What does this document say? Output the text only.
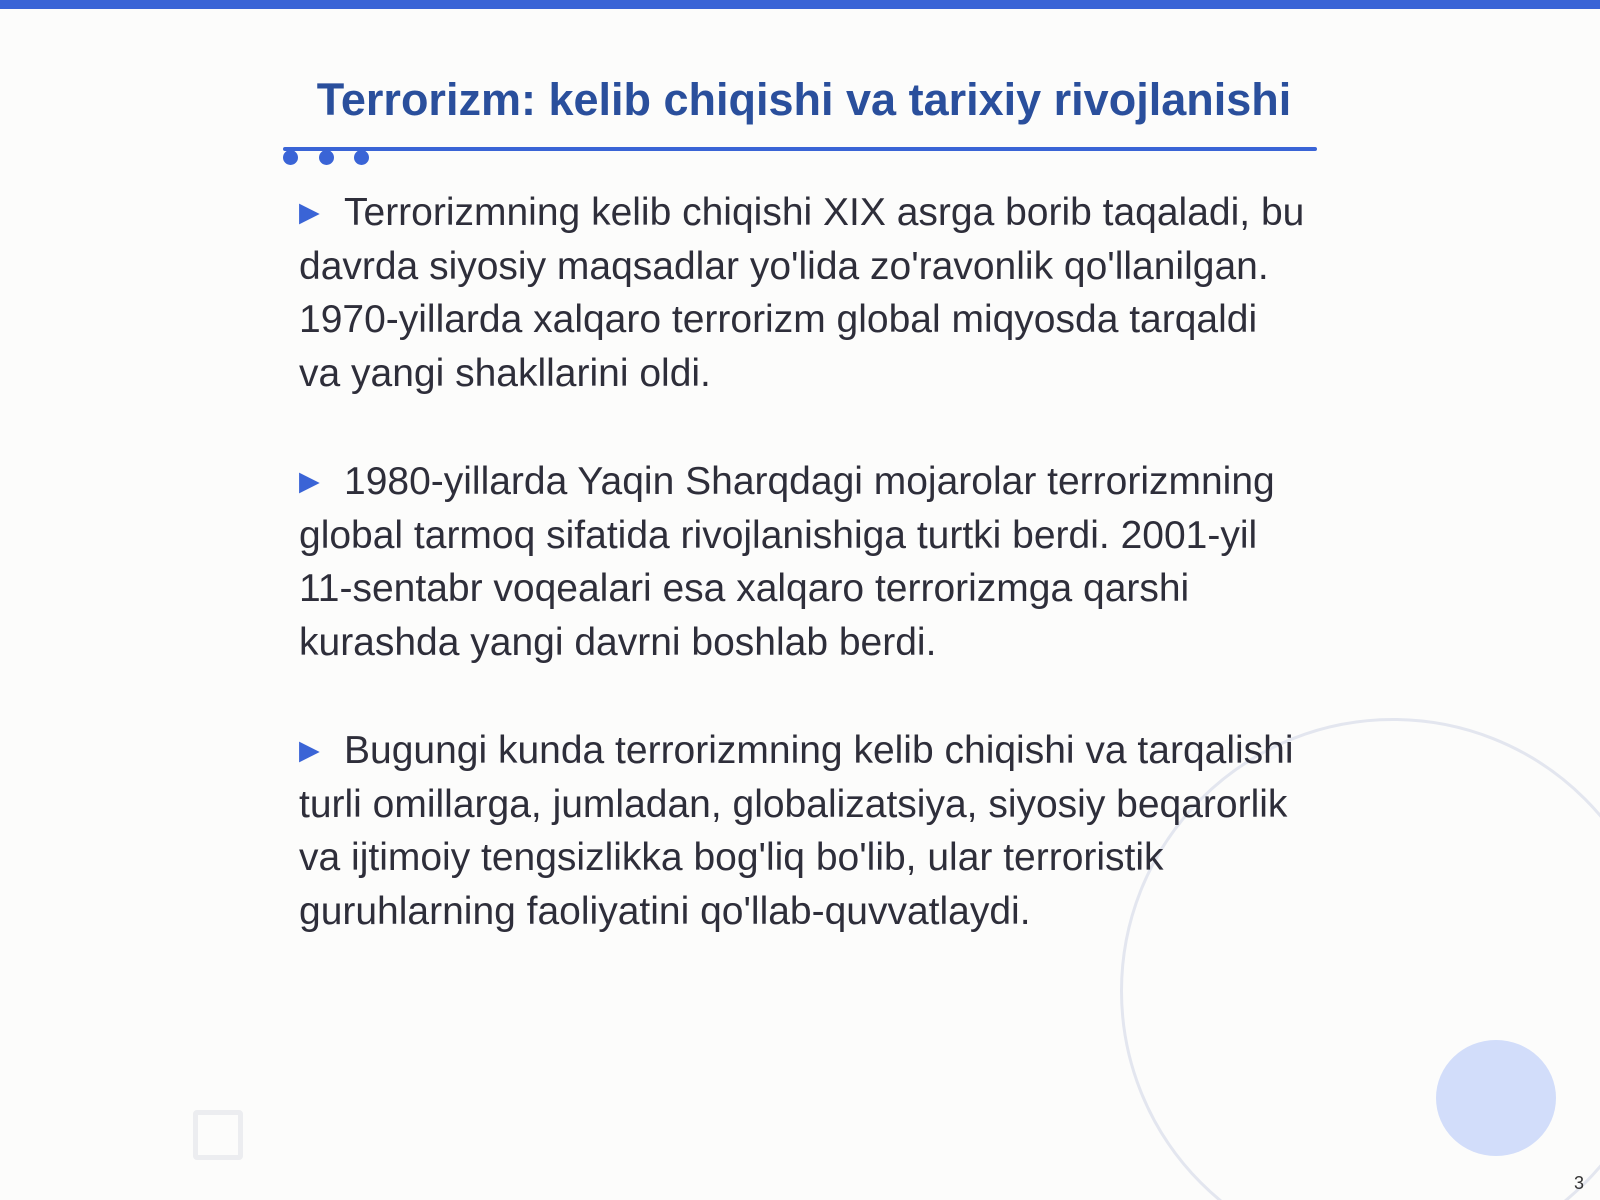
Terrorizm: kelib chiqishi va tarixiy rivojlanishi
▶ Terrorizmning kelib chiqishi XIX asrga borib taqaladi, bu davrda siyosiy maqsadlar yo'lida zo'ravonlik qo'llanilgan. 1970-yillarda xalqaro terrorizm global miqyosda tarqaldi va yangi shakllarini oldi.
▶ 1980-yillarda Yaqin Sharqdagi mojarolar terrorizmning global tarmoq sifatida rivojlanishiga turtki berdi. 2001-yil 11-sentabr voqealari esa xalqaro terrorizmga qarshi kurashda yangi davrni boshlab berdi.
▶ Bugungi kunda terrorizmning kelib chiqishi va tarqalishi turli omillarga, jumladan, globalizatsiya, siyosiy beqarorlik va ijtimoiy tengsizlikka bog'liq bo'lib, ular terroristik guruhlarning faoliyatini qo'llab-quvvatlaydi.
3
